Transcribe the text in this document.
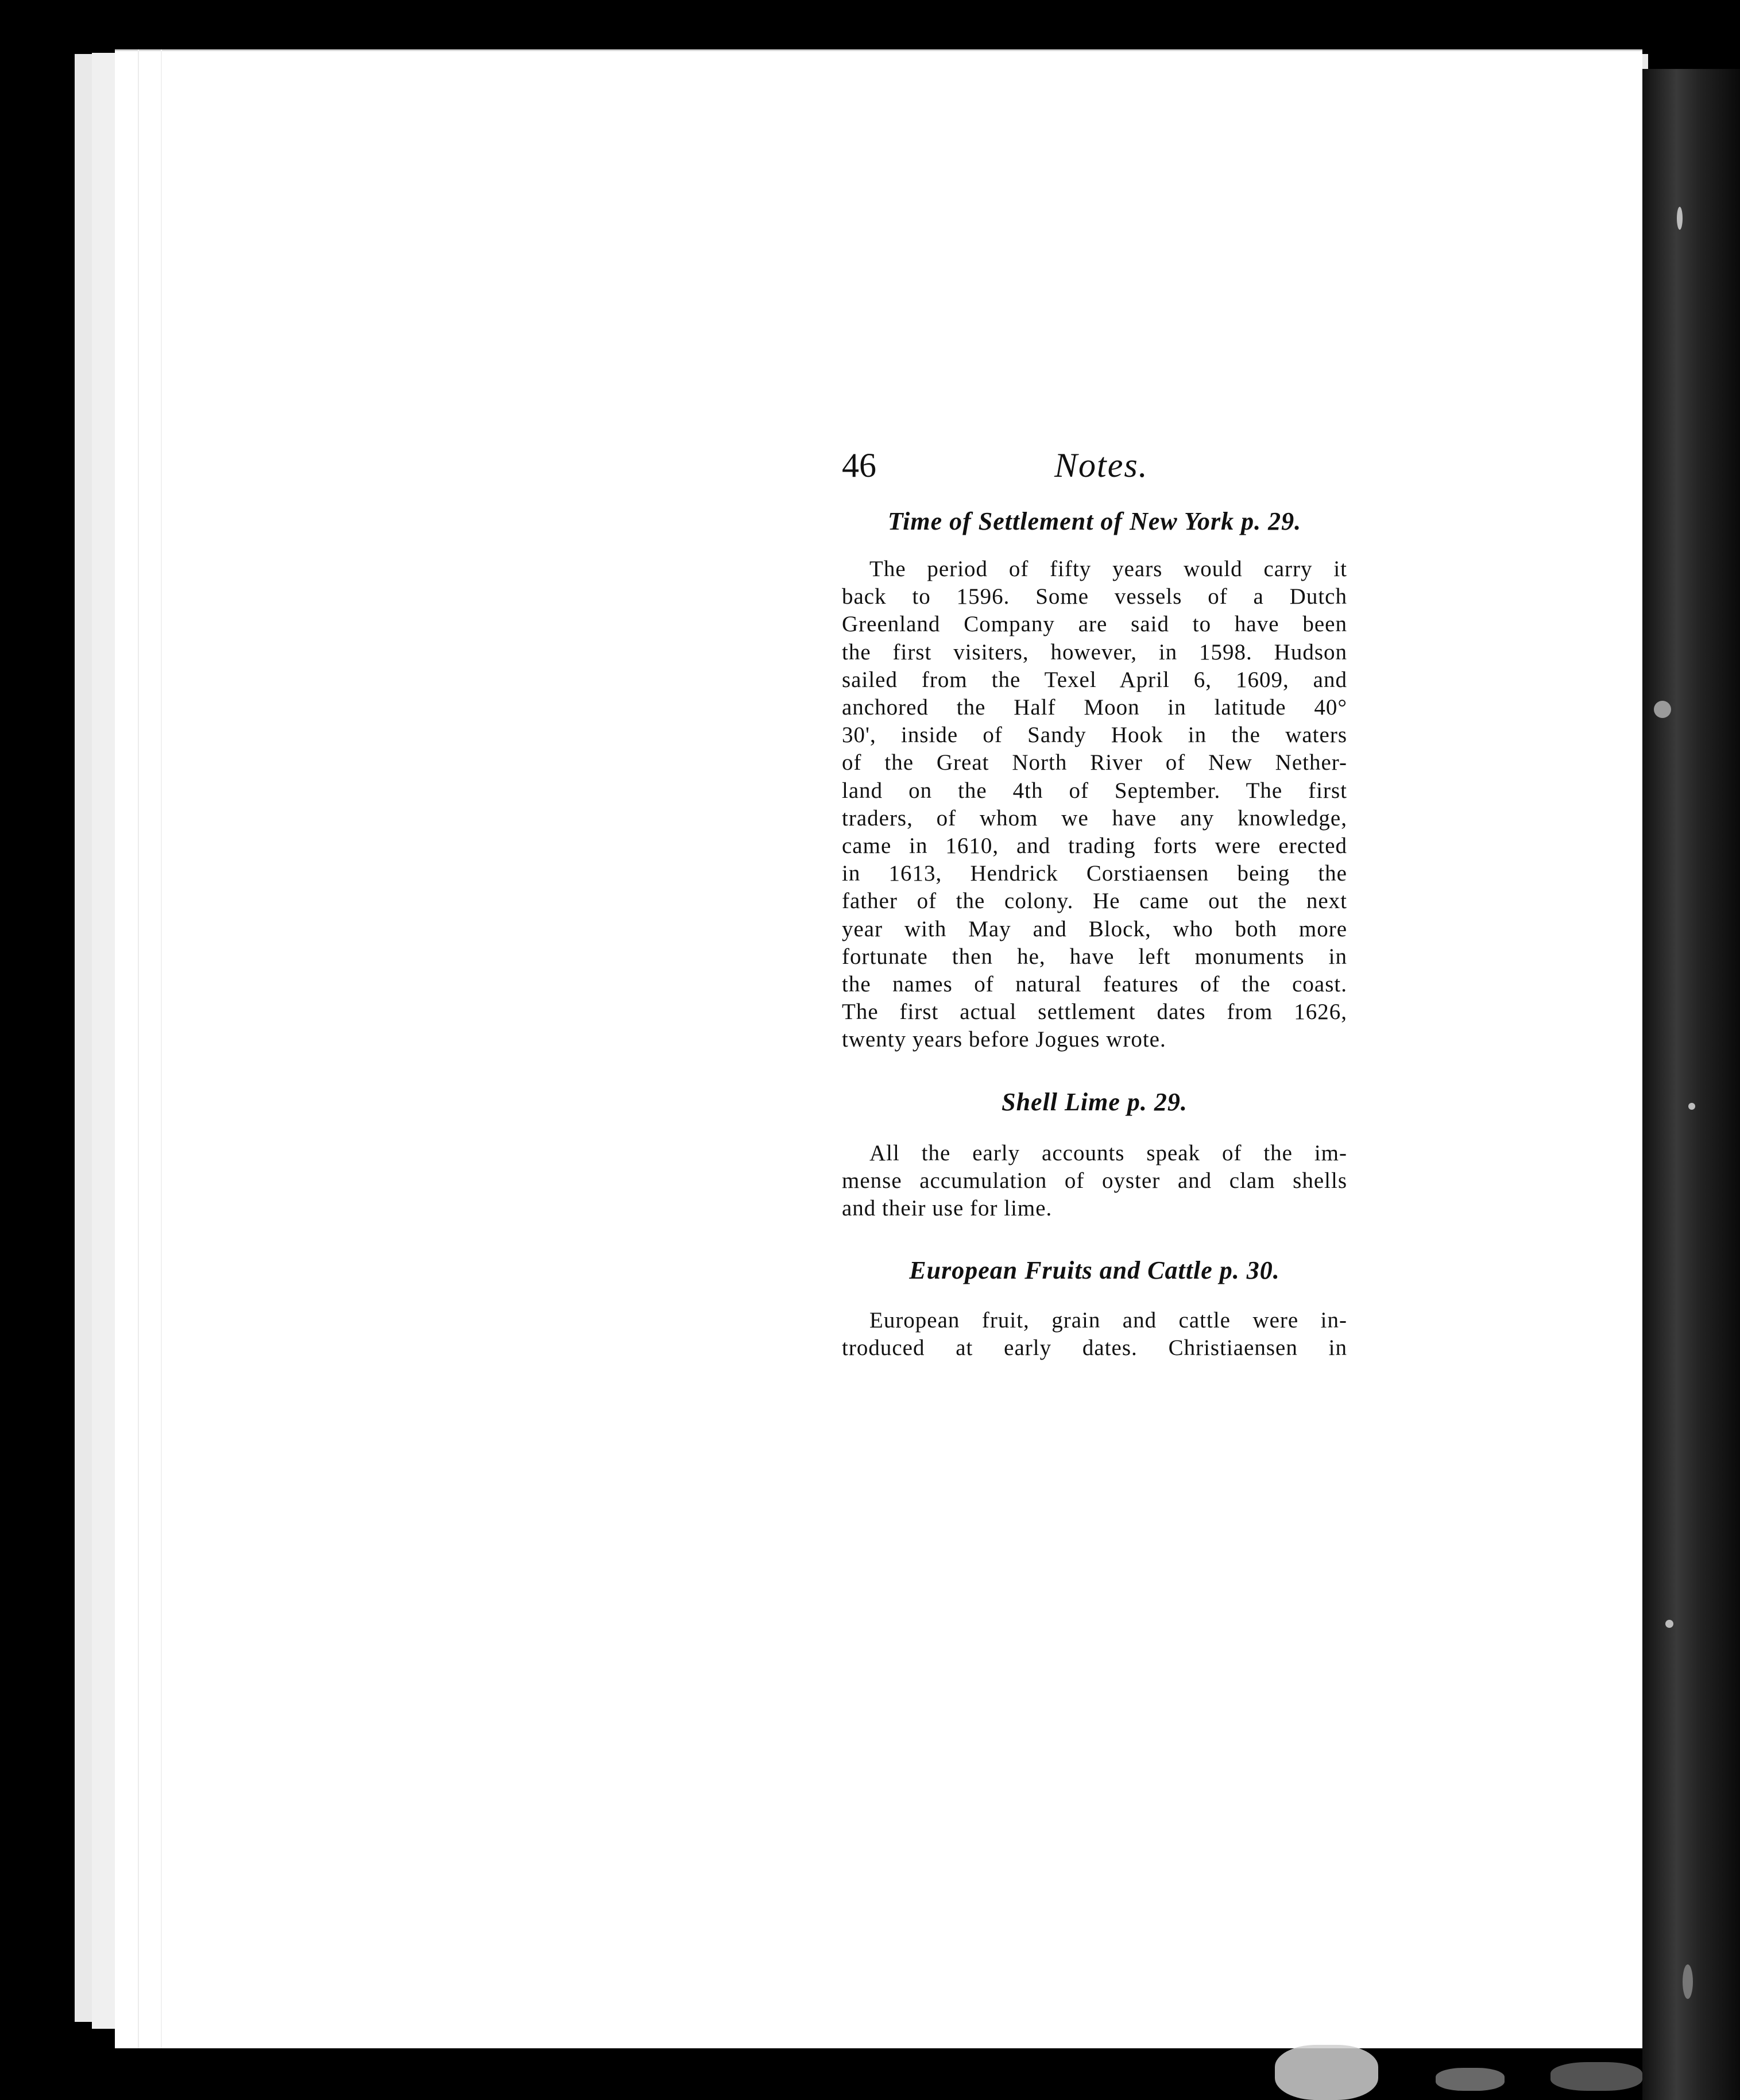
46	Notes.
Time of Settlement of New York p. 29.

The period of fifty years would carry it
back to 1596. Some vessels of a Dutch
Greenland Company are said to have been
the first visiters, however, in 1598. Hudson
sailed from the Texel April 6, 1609, and
anchored the Half Moon in latitude 40°
30', inside of Sandy Hook in the waters
of the Great North River of New Nether-
land on the 4th of September. The first
traders, of whom we have any knowledge,
came in 1610, and trading forts were erected
in 1613, Hendrick Corstiaensen being the
father of the colony. He came out the next
year with May and Block, who both more
fortunate then he, have left monuments in
the names of natural features of the coast.
The first actual settlement dates from 1626,
twenty years before Jogues wrote.

Shell Lime p. 29.

All the early accounts speak of the im-
mense accumulation of oyster and clam shells
and their use for lime.

European Fruits and Cattle p. 30.

European fruit, grain and cattle were in-
troduced at early dates. Christiaensen in
